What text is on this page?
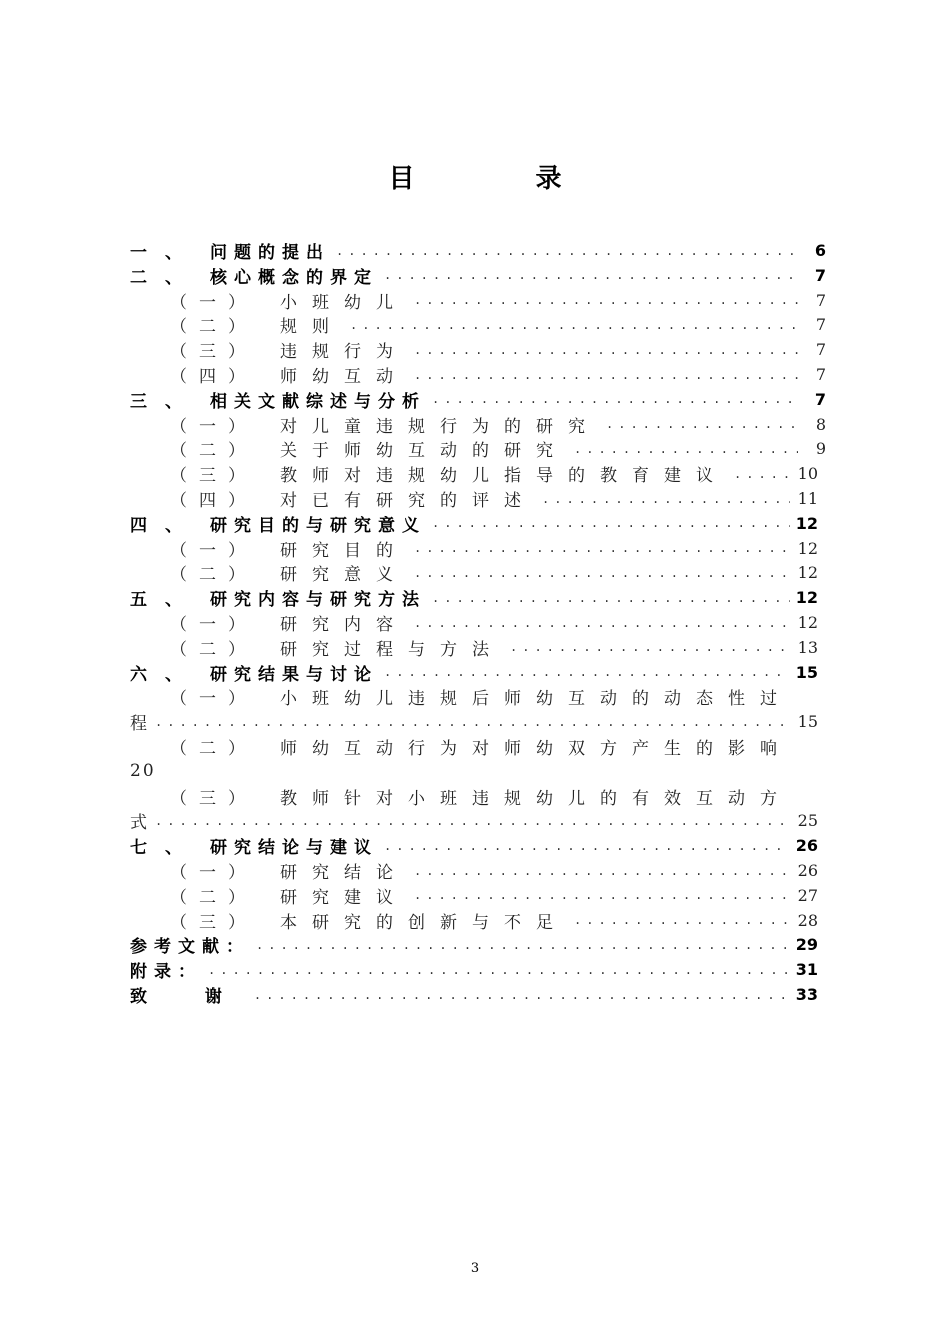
目 录
一、 问题的提出 .....	6
二、 核心概念的界定 .....	7
（一）	小班幼儿 .....	7
（二）	规则 .....	7
（三）	违规行为 .....	7
（四）	师幼互动 .....	7
三、 相关文献综述与分析 .....	7
（一）	对儿童违规行为的研究 .....	8
（二）	关于师幼互动的研究 .....	9
（三）	教师对违规幼儿指导的教育建议 .....	10
（四）	对已有研究的评述 .....	11
四、 研究目的与研究意义 .....	12
（一）	研究目的 .....	12
（二）	研究意义 .....	12
五、 研究内容与研究方法 .....	12
（一）	研究内容 .....	12
（二）	研究过程与方法 .....	13
六、 研究结果与讨论 .....	15
（一）	小班幼儿违规后师幼互动的动态性过
程 .....	15
（二）	师幼互动行为对师幼双方产生的影响
20
（三）	教师针对小班违规幼儿的有效互动方
式 .....	25
七、 研究结论与建议 .....	26
（一）	研究结论 .....	26
（二）	研究建议 .....	27
（三）	本研究的创新与不足 .....	28
参考文献： .....	29
附录： .....	31
致 谢 .....	33
3
